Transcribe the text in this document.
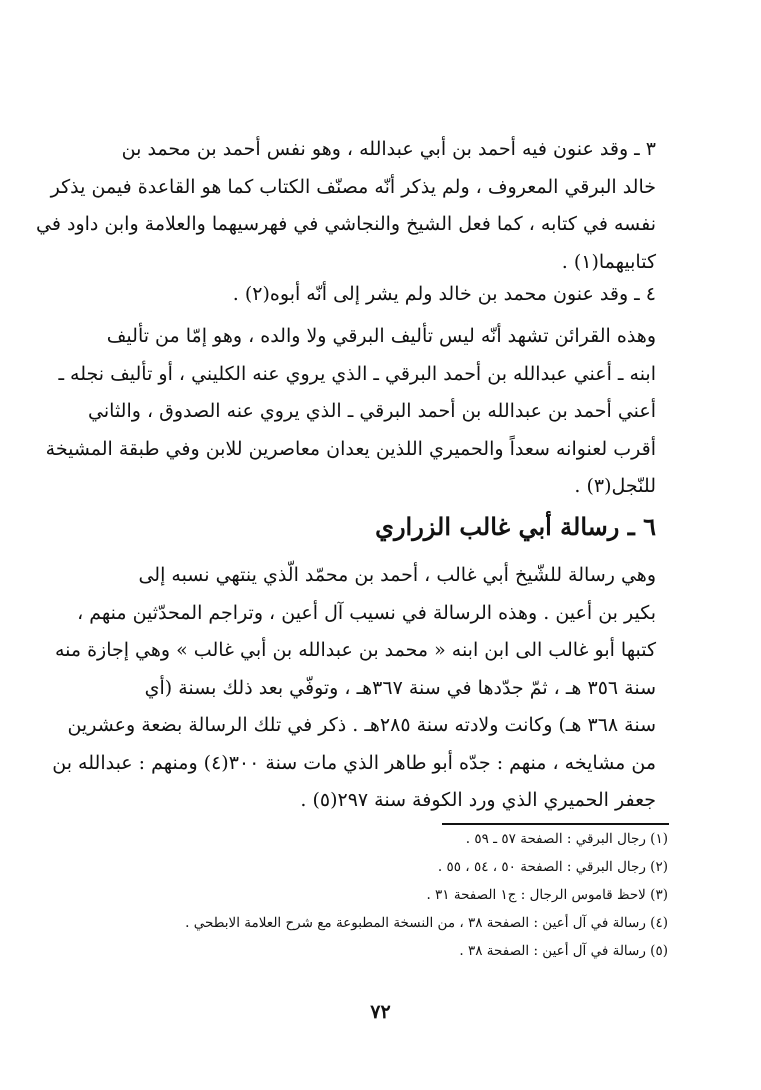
٣ ـ وقد عنون فيه أحمد بن أبي عبدالله ، وهو نفس أحمد بن محمد بن
خالد البرقي المعروف ، ولم يذكر أنّه مصنّف الكتاب كما هو القاعدة فيمن يذكر
نفسه في كتابه ، كما فعل الشيخ والنجاشي في فهرسيهما والعلامة وابن داود في
كتابيهما(١) .
٤ ـ وقد عنون محمد بن خالد ولم يشر إلى أنّه أبوه(٢) .
وهذه القرائن تشهد أنّه ليس تأليف البرقي ولا والده ، وهو إمّا من تأليف
ابنه ـ أعني عبدالله بن أحمد البرقي ـ الذي يروي عنه الكليني ، أو تأليف نجله ـ
أعني أحمد بن عبدالله بن أحمد البرقي ـ الذي يروي عنه الصدوق ، والثاني
أقرب لعنوانه سعداً والحميري اللذين يعدان معاصرين للابن وفي طبقة المشيخة
للنّجل(٣) .
٦ ـ رسالة أبي غالب الزراري
وهي رسالة للشّيخ أبي غالب ، أحمد بن محمّد الّذي ينتهي نسبه إلى
بكير بن أعين . وهذه الرسالة في نسيب آل أعين ، وتراجم المحدّثين منهم ،
كتبها أبو غالب الى ابن ابنه « محمد بن عبدالله بن أبي غالب » وهي إجازة منه
سنة ٣٥٦ هـ ، ثمّ جدّدها في سنة ٣٦٧هـ ، وتوفّي بعد ذلك بسنة (أي
سنة ٣٦٨ هـ) وكانت ولادته سنة ٢٨٥هـ . ذكر في تلك الرسالة بضعة وعشرين
من مشايخه ، منهم : جدّه أبو طاهر الذي مات سنة ٣٠٠(٤) ومنهم : عبدالله بن
جعفر الحميري الذي ورد الكوفة سنة ٢٩٧(٥) .
(١) رجال البرقي : الصفحة ٥٧ ـ ٥٩ .
(٢) رجال البرقي : الصفحة ٥٠ ، ٥٤ ، ٥٥ .
(٣) لاحظ قاموس الرجال : ج١ الصفحة ٣١ .
(٤) رسالة في آل أعين : الصفحة ٣٨ ، من النسخة المطبوعة مع شرح العلامة الابطحي .
(٥) رسالة في آل أعين : الصفحة ٣٨ .
٧٢
